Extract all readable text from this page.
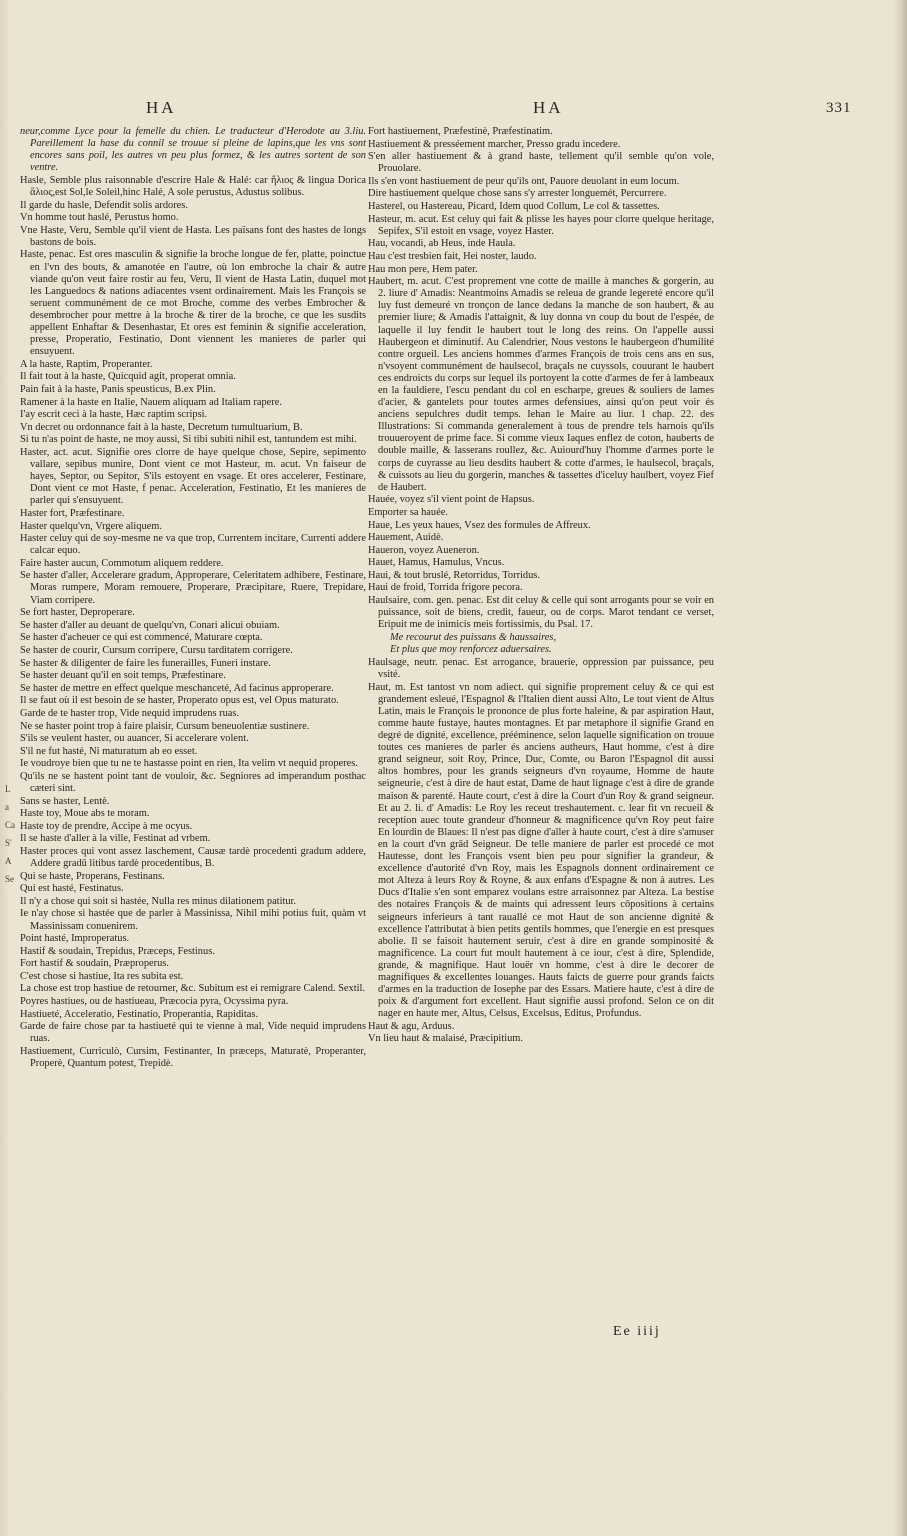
HA	HA	331
L
a
Ca
S'
A
Se
neur,comme Lyce pour la femelle du chien. Le traducteur d'Herodote au 3.liu. Pareillement la hase du connil se trouue si pleine de lapins,que les vns sont encores sans poil, les autres vn peu plus formez, & les autres sortent de son ventre.
Hasle, Semble plus raisonnable d'escrire Hale & Halé: car ἥλιος & lingua Dorica ἅλιος,est Sol,le Soleil,hinc Halé, A sole perustus, Adustus solibus.
Il garde du hasle, Defendit solis ardores.
Vn homme tout haslé, Perustus homo.
Vne Haste, Veru, Semble qu'il vient de Hasta. Les païsans font des hastes de longs bastons de bois.
Haste, penac. Est ores masculin & signifie la broche longue de fer, platte, poinctue en l'vn des bouts, & amanotée en l'autre, où lon embroche la chair & autre viande qu'on veut faire rostir au feu, Veru, Il vient de Hasta Latin, duquel mot les Languedocs & nations adiacentes vsent ordinairement. Mais les François se seruent communément de ce mot Broche, comme des verbes Embrocher & desembrocher pour mettre à la broche & tirer de la broche, ce que les susdits appellent Enhaftar & Desenhastar, Et ores est feminin & signifie acceleration, presse, Properatio, Festinatio, Dont viennent les manieres de parler qui ensuyuent.
A la haste, Raptim, Properanter.
Il fait tout à la haste, Quicquid agit, properat omnia.
Pain fait à la haste, Panis speusticus, B.ex Plin.
Ramener à la haste en Italie, Nauem aliquam ad Italiam rapere.
I'ay escrit ceci à la haste, Hæc raptim scripsi.
Vn decret ou ordonnance fait à la haste, Decretum tumultuarium, B.
Si tu n'as point de haste, ne moy aussi, Si tibi subiti nihil est, tantundem est mihi.
Haster, act. acut. Signifie ores clorre de haye quelque chose, Sepire, sepimento vallare, sepibus munire, Dont vient ce mot Hasteur, m. acut. Vn faiseur de hayes, Septor, ou Sepitor, S'ils estoyent en vsage. Et ores accelerer, Festinare, Dont vient ce mot Haste, f penac. Acceleration, Festinatio, Et les manieres de parler qui s'ensuyuent.
Haster fort, Præfestinare.
Haster quelqu'vn, Vrgere aliquem.
Haster celuy qui de soy-mesme ne va que trop, Currentem incitare, Currenti addere calcar equo.
Faire haster aucun, Commotum aliquem reddere.
Se haster d'aller, Accelerare gradum, Approperare, Celeritatem adhibere, Festinare, Moras rumpere, Moram remouere, Properare, Præcipitare, Ruere, Trepidare, Viam corripere.
Se fort haster, Deproperare.
Se haster d'aller au deuant de quelqu'vn, Conari alicui obuiam.
Se haster d'acheuer ce qui est commencé, Maturare cœpta.
Se haster de courir, Cursum corripere, Cursu tarditatem corrigere.
Se haster & diligenter de faire les funerailles, Funeri instare.
Se haster deuant qu'il en soit temps, Præfestinare.
Se haster de mettre en effect quelque meschanceté, Ad facinus approperare.
Il se faut où il est besoin de se haster, Properato opus est, vel Opus maturato.
Garde de te haster trop, Vide nequid imprudens ruas.
Ne se haster point trop à faire plaisir, Cursum beneuolentiæ sustinere.
S'ils se veulent haster, ou auancer, Si accelerare volent.
S'il ne fut hasté, Ni maturatum ab eo esset.
Ie voudroye bien que tu ne te hastasse point en rien, Ita velim vt nequid properes.
Qu'ils ne se hastent point tant de vouloir, &c. Segniores ad imperandum posthac cæteri sint.
Sans se haster, Lentè.
Haste toy, Moue abs te moram.
Haste toy de prendre, Accipe à me ocyus.
Il se haste d'aller à la ville, Festinat ad vrbem.
Haster proces qui vont assez laschement, Causæ tardè procedenti gradum addere, Addere gradū litibus tardè procedentibus, B.
Qui se haste, Properans, Festinans.
Qui est hasté, Festinatus.
Il n'y a chose qui soit si hastée, Nulla res minus dilationem patitur.
Ie n'ay chose si hastée que de parler à Massinissa, Nihil mihi potius fuit, quàm vt Massinissam conuenirem.
Point hasté, Improperatus.
Hastif & soudain, Trepidus, Præceps, Festinus.
Fort hastif & soudain, Præproperus.
C'est chose si hastiue, Ita res subita est.
La chose est trop hastiue de retourner, &c. Subitum est ei remigrare Calend. Sextil.
Poyres hastiues, ou de hastiueau, Præcocia pyra, Ocyssima pyra.
Hastiueté, Acceleratio, Festinatio, Properantia, Rapiditas.
Garde de faire chose par ta hastiueté qui te vienne à mal, Vide nequid imprudens ruas.
Hastiuement, Curriculò, Cursim, Festinanter, In præceps, Maturatè, Properanter, Properè, Quantum potest, Trepidè.
Fort hastiuement, Præfestinè, Præfestinatim.
Hastiuement & presséement marcher, Presso gradu incedere.
S'en aller hastiuement & à grand haste, tellement qu'il semble qu'on vole, Prouolare.
Ils s'en vont hastiuement de peur qu'ils ont, Pauore deuolant in eum locum.
Dire hastiuement quelque chose sans s'y arrester longuemét, Percurrere.
Hasterel, ou Hastereau, Picard, Idem quod Collum, Le col & tassettes.
Hasteur, m. acut. Est celuy qui fait & plisse les hayes pour clorre quelque heritage, Sepifex, S'il estoit en vsage, voyez Haster.
Hau, vocandi, ab Heus, inde Haula.
Hau c'est tresbien fait, Hei noster, laudo.
Hau mon pere, Hem pater.
Haubert, m. acut. C'est proprement vne cotte de maille à manches & gorgerin, au 2. liure d' Amadis: Neantmoins Amadis se releua de grande legereté encore qu'il luy fust demeuré vn tronçon de lance dedans la manche de son haubert, & au premier liure; & Amadis l'attaignit, & luy donna vn coup du bout de l'espée, de laquelle il luy fendit le haubert tout le long des reins. On l'appelle aussi Haubergeon et diminutif. Au Calendrier, Nous vestons le haubergeon d'humilité contre orgueil. Les anciens hommes d'armes François de trois cens ans en sus, n'vsoyent communément de haulsecol, braçals ne cuyssols, couurant le haubert ces endroicts du corps sur lequel ils portoyent la cotte d'armes de fer à lambeaux en la fauldiere, l'escu pendant du col en escharpe, greues & souliers de lames d'acier, & gantelets pour toutes armes defensiues, ainsi qu'on peut voir és anciens sepulchres dudit temps. Iehan le Maire au liur. 1 chap. 22. des Illustrations: Si commanda generalement à tous de prendre tels harnois qu'ils trouueroyent de prime face. Si comme vieux Iaques enflez de coton, hauberts de double maille, & lasserans roullez, &c. Auiourd'huy l'homme d'armes porte le corps de cuyrasse au lieu desdits haubert & cotte d'armes, le haulsecol, braçals, & cuissots au lieu du gorgerin, manches & tassettes d'iceluy haulbert, voyez Fief de Haubert.
Hauée, voyez s'il vient point de Hapsus.
Emporter sa hauée.
Haue, Les yeux haues, Vsez des formules de Affreux.
Hauement, Auidè.
Haueron, voyez Aueneron.
Hauet, Hamus, Hamulus, Vncus.
Haui, & tout bruslé, Retorridus, Torridus.
Haui de froid, Torrida frigore pecora.
Haulsaire, com. gen. penac. Est dit celuy & celle qui sont arrogants pour se voir en puissance, soit de biens, credit, faueur, ou de corps. Marot tendant ce verset, Eripuit me de inimicis meis fortissimis, du Psal. 17.
Me recourut des puissans & haussaires,
Et plus que moy renforcez aduersaires.
Haulsage, neutr. penac. Est arrogance, brauerie, oppression par puissance, peu vsité.
Haut, m. Est tantost vn nom adiect. qui signifie proprement celuy & ce qui est grandement esleué, l'Espagnol & l'Italien dient aussi Alto, Le tout vient de Altus Latin, mais le François le prononce de plus forte haleine, & par aspiration Haut, comme haute fustaye, hautes montagnes. Et par metaphore il signifie Grand en degré de dignité, excellence, prééminence, selon laquelle signification on trouue toutes ces manieres de parler és anciens autheurs, Haut homme, c'est à dire grand seigneur, soit Roy, Prince, Duc, Comte, ou Baron l'Espagnol dit aussi altos hombres, pour les grands seigneurs d'vn royaume, Homme de haute seigneurie, c'est à dire de haut estat, Dame de haut lignage c'est à dire de grande maison & parenté. Haute court, c'est à dire la Court d'un Roy & grand seigneur. Et au 2. li. d' Amadis: Le Roy les receut treshautement. c. lear fit vn recueil & reception auec toute grandeur d'honneur & magnificence qu'vn Roy peut faire En lourdin de Blaues: Il n'est pas digne d'aller à haute court, c'est à dire s'amuser en la court d'vn grād Seigneur. De telle maniere de parler est procedé ce mot Hautesse, dont les François vsent bien peu pour signifier la grandeur, & excellence d'autorité d'vn Roy, mais les Espagnols donnent ordinairement ce mot Alteza à leurs Roy & Royne, & aux enfans d'Espagne & non à autres. Les Ducs d'Italie s'en sont emparez voulans estre arraisonnez par Alteza. La bestise des notaires François & de maints qui adressent leurs cōpositions à certains seigneurs inferieurs à tant rauallé ce mot Haut de son ancienne dignité & excellence l'attributat à bien petits gentils hommes, que l'energie en est presques abolie. Il se faisoit hautement seruir, c'est à dire en grande sompinosité & magnificence. La court fut moult hautement à ce iour, c'est à dire, Splendide, grande, & magnifique. Haut louër vn homme, c'est à dire le decorer de magnifiques & excellentes louanges. Hauts faicts de guerre pour grands faicts d'armes en la traduction de Iosephe par des Essars. Matiere haute, c'est à dire de poix & d'argument fort excellent. Haut signifie aussi profond. Selon ce on dit nager en haute mer, Altus, Celsus, Excelsus, Editus, Profundus.
Haut & agu, Arduus.
Vn lieu haut & malaisé, Præcipitium.
Ee iiij
